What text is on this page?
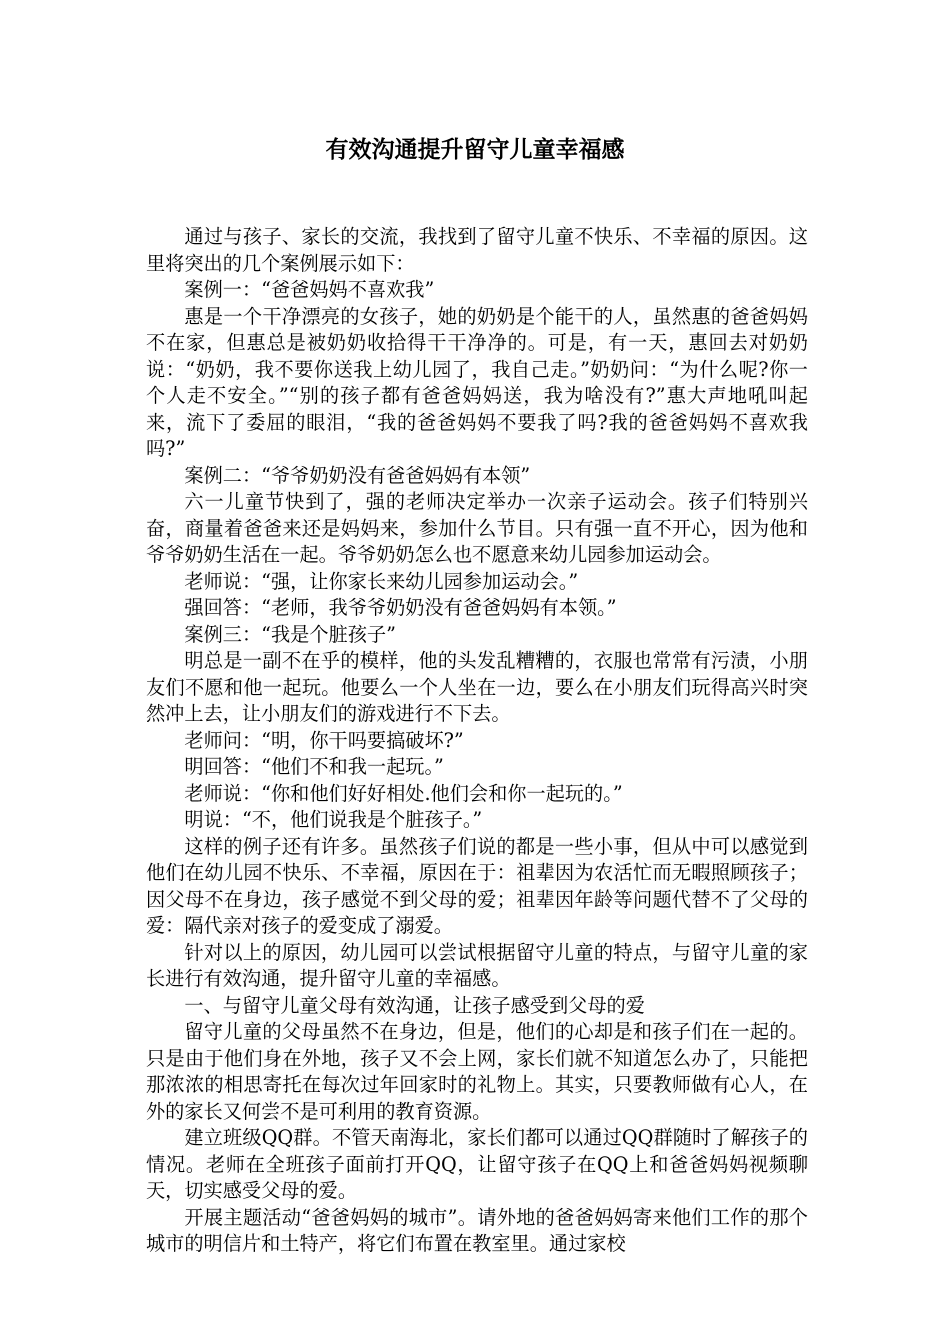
有效沟通提升留守儿童幸福感

通过与孩子、家长的交流，我找到了留守儿童不快乐、不幸福的原因。这里将突出的几个案例展示如下：

案例一：“爸爸妈妈不喜欢我”

惠是一个干净漂亮的女孩子，她的奶奶是个能干的人，虽然惠的爸爸妈妈不在家，但惠总是被奶奶收拾得干干净净的。可是，有一天，惠回去对奶奶说：“奶奶，我不要你送我上幼儿园了，我自己走。”奶奶问：“为什么呢?你一个人走不安全。”“别的孩子都有爸爸妈妈送，我为啥没有?”惠大声地吼叫起来，流下了委屈的眼泪，“我的爸爸妈妈不要我了吗?我的爸爸妈妈不喜欢我吗?”

案例二：“爷爷奶奶没有爸爸妈妈有本领”

六一儿童节快到了，强的老师决定举办一次亲子运动会。孩子们特别兴奋，商量着爸爸来还是妈妈来，参加什么节目。只有强一直不开心，因为他和爷爷奶奶生活在一起。爷爷奶奶怎么也不愿意来幼儿园参加运动会。

老师说：“强，让你家长来幼儿园参加运动会。”

强回答：“老师，我爷爷奶奶没有爸爸妈妈有本领。”

案例三：“我是个脏孩子”

明总是一副不在乎的模样，他的头发乱糟糟的，衣服也常常有污渍，小朋友们不愿和他一起玩。他要么一个人坐在一边，要么在小朋友们玩得高兴时突然冲上去，让小朋友们的游戏进行不下去。

老师问：“明，你干吗要搞破坏?”

明回答：“他们不和我一起玩。”

老师说：“你和他们好好相处.他们会和你一起玩的。”

明说：“不，他们说我是个脏孩子。”

这样的例子还有许多。虽然孩子们说的都是一些小事，但从中可以感觉到他们在幼儿园不快乐、不幸福，原因在于：祖辈因为农活忙而无暇照顾孩子；因父母不在身边，孩子感觉不到父母的爱；祖辈因年龄等问题代替不了父母的爱：隔代亲对孩子的爱变成了溺爱。

针对以上的原因，幼儿园可以尝试根据留守儿童的特点，与留守儿童的家长进行有效沟通，提升留守儿童的幸福感。

一、与留守儿童父母有效沟通，让孩子感受到父母的爱

留守儿童的父母虽然不在身边，但是，他们的心却是和孩子们在一起的。只是由于他们身在外地，孩子又不会上网，家长们就不知道怎么办了，只能把那浓浓的相思寄托在每次过年回家时的礼物上。其实，只要教师做有心人，在外的家长又何尝不是可利用的教育资源。

建立班级QQ群。不管天南海北，家长们都可以通过QQ群随时了解孩子的情况。老师在全班孩子面前打开QQ，让留守孩子在QQ上和爸爸妈妈视频聊天，切实感受父母的爱。

开展主题活动“爸爸妈妈的城市”。请外地的爸爸妈妈寄来他们工作的那个城市的明信片和土特产，将它们布置在教室里。通过家校
